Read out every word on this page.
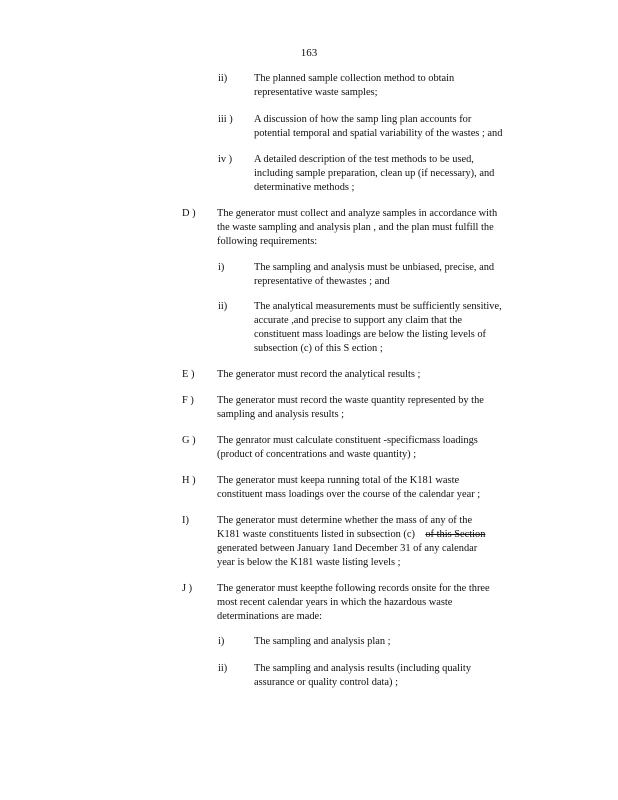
163
ii)	The planned sample collection method to obtain
representative waste samples;
iii ) A discussion of how the samp ling plan accounts for
potential temporal and spatial variability of the wastes ; and
iv ) A detailed description of the test methods to be used,
including sample preparation, clean up (if necessary), and
determinative methods ;
D ) The generator must collect and analyze samples in accordance with
the waste sampling and analysis plan , and the plan must fulfill the
following requirements:
i)	The sampling and analysis must be unbiased, precise, and
representative of thewastes ; and
ii)	The analytical measurements must be sufficiently sensitive,
accurate ,and precise to support any claim that the
constituent mass loadings are below the listing levels of
subsection (c) of this S ection ;
E ) The generator must record the analytical results ;
F ) The generator must record the waste quantity represented by the
sampling and analysis results ;
G ) The genrator must calculate constituent -specificmass loadings
(product of concentrations and waste quantity) ;
H ) The generator must keepa running total of the K181 waste
constituent mass loadings over the course of the calendar year ;
I)	The generator must determine whether the mass of any of the
K181 waste constituents listed in subsection (c) of this Section
generated between January 1and December 31 of any calendar
year is below the K181 waste listing levels ;
J ) The generator must keepthe following records onsite for the three
most recent calendar years in which the hazardous waste
determinations are made:
i)	The sampling and analysis plan ;
ii)	The sampling and analysis results (including quality
assurance or quality control data) ;
